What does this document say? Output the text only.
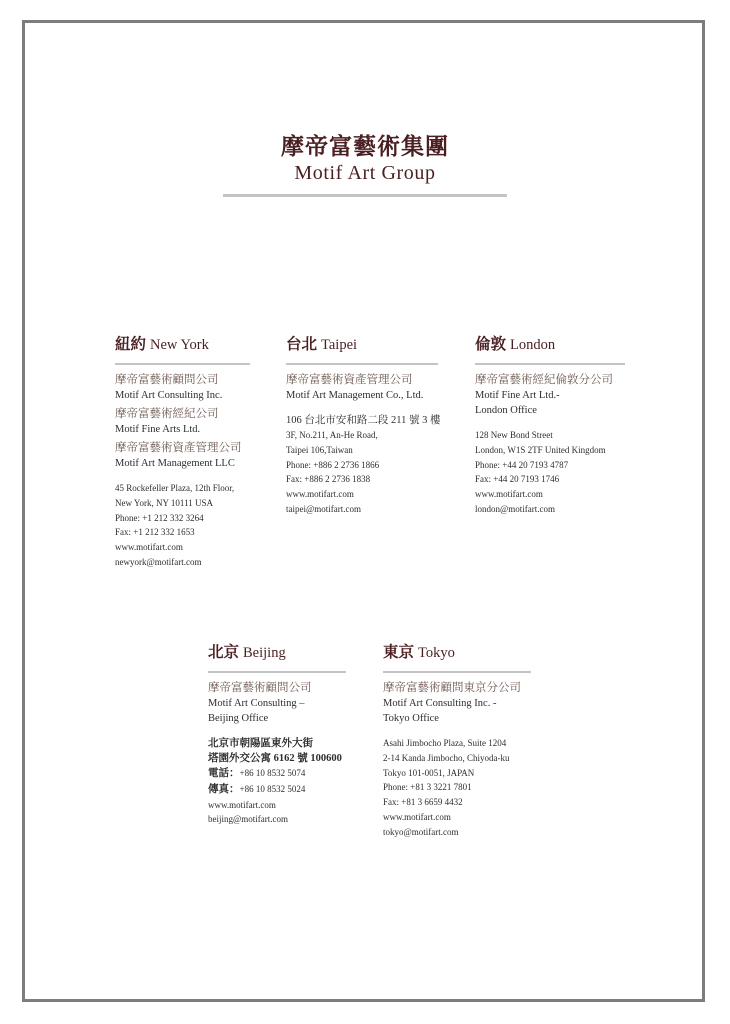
摩帝富藝術集團
Motif Art Group
紐約 New York
摩帝富藝術顧問公司
Motif Art Consulting Inc.
摩帝富藝術經紀公司
Motif Fine Arts Ltd.
摩帝富藝術資產管理公司
Motif Art Management LLC
45 Rockefeller Plaza, 12th Floor,
New York, NY 10111 USA
Phone: +1 212 332 3264
Fax: +1 212 332 1653
www.motifart.com
newyork@motifart.com
台北 Taipei
摩帝富藝術資產管理公司
Motif Art Management Co., Ltd.
106 台北市安和路二段 211 號 3 樓
3F, No.211, An-He Road,
Taipei 106,Taiwan
Phone: +886 2 2736 1866
Fax: +886 2 2736 1838
www.motifart.com
taipei@motifart.com
倫敦 London
摩帝富藝術經紀倫敦分公司
Motif Fine Art Ltd.-
London Office
128 New Bond Street
London, W1S 2TF United Kingdom
Phone: +44 20 7193 4787
Fax: +44 20 7193 1746
www.motifart.com
london@motifart.com
北京 Beijing
摩帝富藝術顧問公司
Motif Art Consulting –
Beijing Office
北京市朝陽區東外大街
塔園外交公寓 6162 號 100600
電話：+86 10 8532 5074
傳真：+86 10 8532 5024
www.motifart.com
beijing@motifart.com
東京 Tokyo
摩帝富藝術顧問東京分公司
Motif Art Consulting Inc. -
Tokyo Office
Asahi Jimbocho Plaza, Suite 1204
2-14 Kanda Jimbocho, Chiyoda-ku
Tokyo 101-0051, JAPAN
Phone: +81 3 3221 7801
Fax: +81 3 6659 4432
www.motifart.com
tokyo@motifart.com
